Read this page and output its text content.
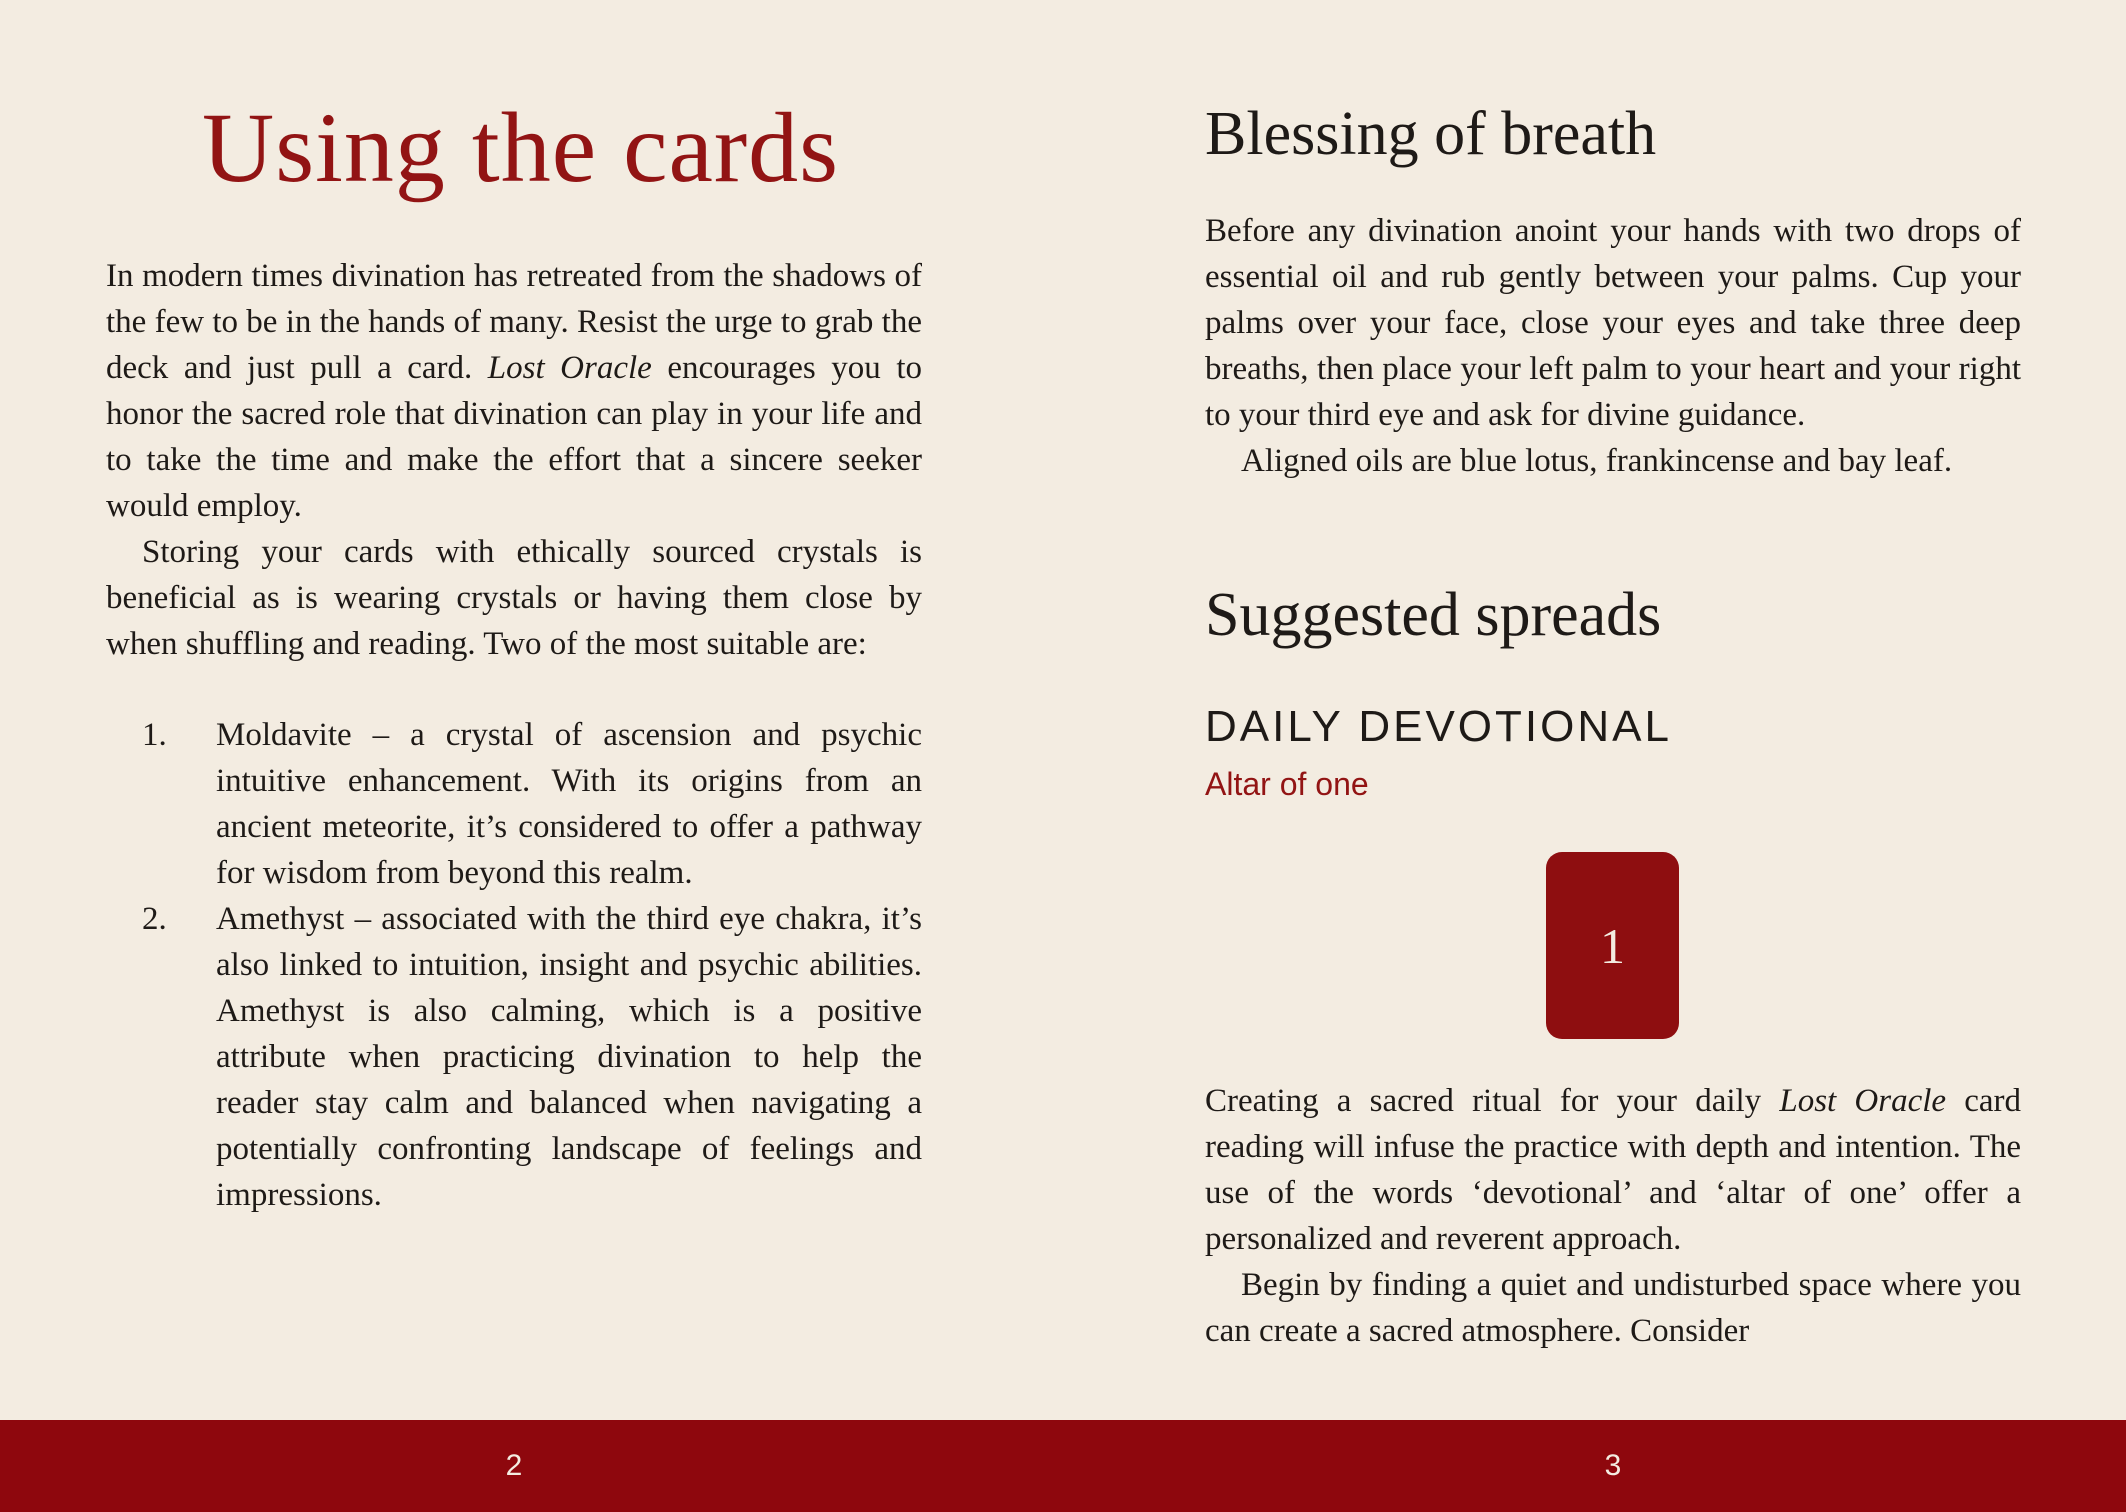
Using the cards

In modern times divination has retreated from the shadows of the few to be in the hands of many. Resist the urge to grab the deck and just pull a card. Lost Oracle encourages you to honor the sacred role that divination can play in your life and to take the time and make the effort that a sincere seeker would employ.

Storing your cards with ethically sourced crystals is beneficial as is wearing crystals or having them close by when shuffling and reading. Two of the most suitable are:

1. Moldavite – a crystal of ascension and psychic intuitive enhancement. With its origins from an ancient meteorite, it’s considered to offer a pathway for wisdom from beyond this realm.

2. Amethyst – associated with the third eye chakra, it’s also linked to intuition, insight and psychic abilities. Amethyst is also calming, which is a positive attribute when practicing divination to help the reader stay calm and balanced when navigating a potentially confronting landscape of feelings and impressions.

Blessing of breath

Before any divination anoint your hands with two drops of essential oil and rub gently between your palms. Cup your palms over your face, close your eyes and take three deep breaths, then place your left palm to your heart and your right to your third eye and ask for divine guidance.

Aligned oils are blue lotus, frankincense and bay leaf.

Suggested spreads
DAILY DEVOTIONAL

Altar of one

1

Creating a sacred ritual for your daily Lost Oracle card reading will infuse the practice with depth and intention. The use of the words ‘devotional’ and ‘altar of one’ offer a personalized and reverent approach.

Begin by finding a quiet and undisturbed space where you can create a sacred atmosphere. Consider

2	3
